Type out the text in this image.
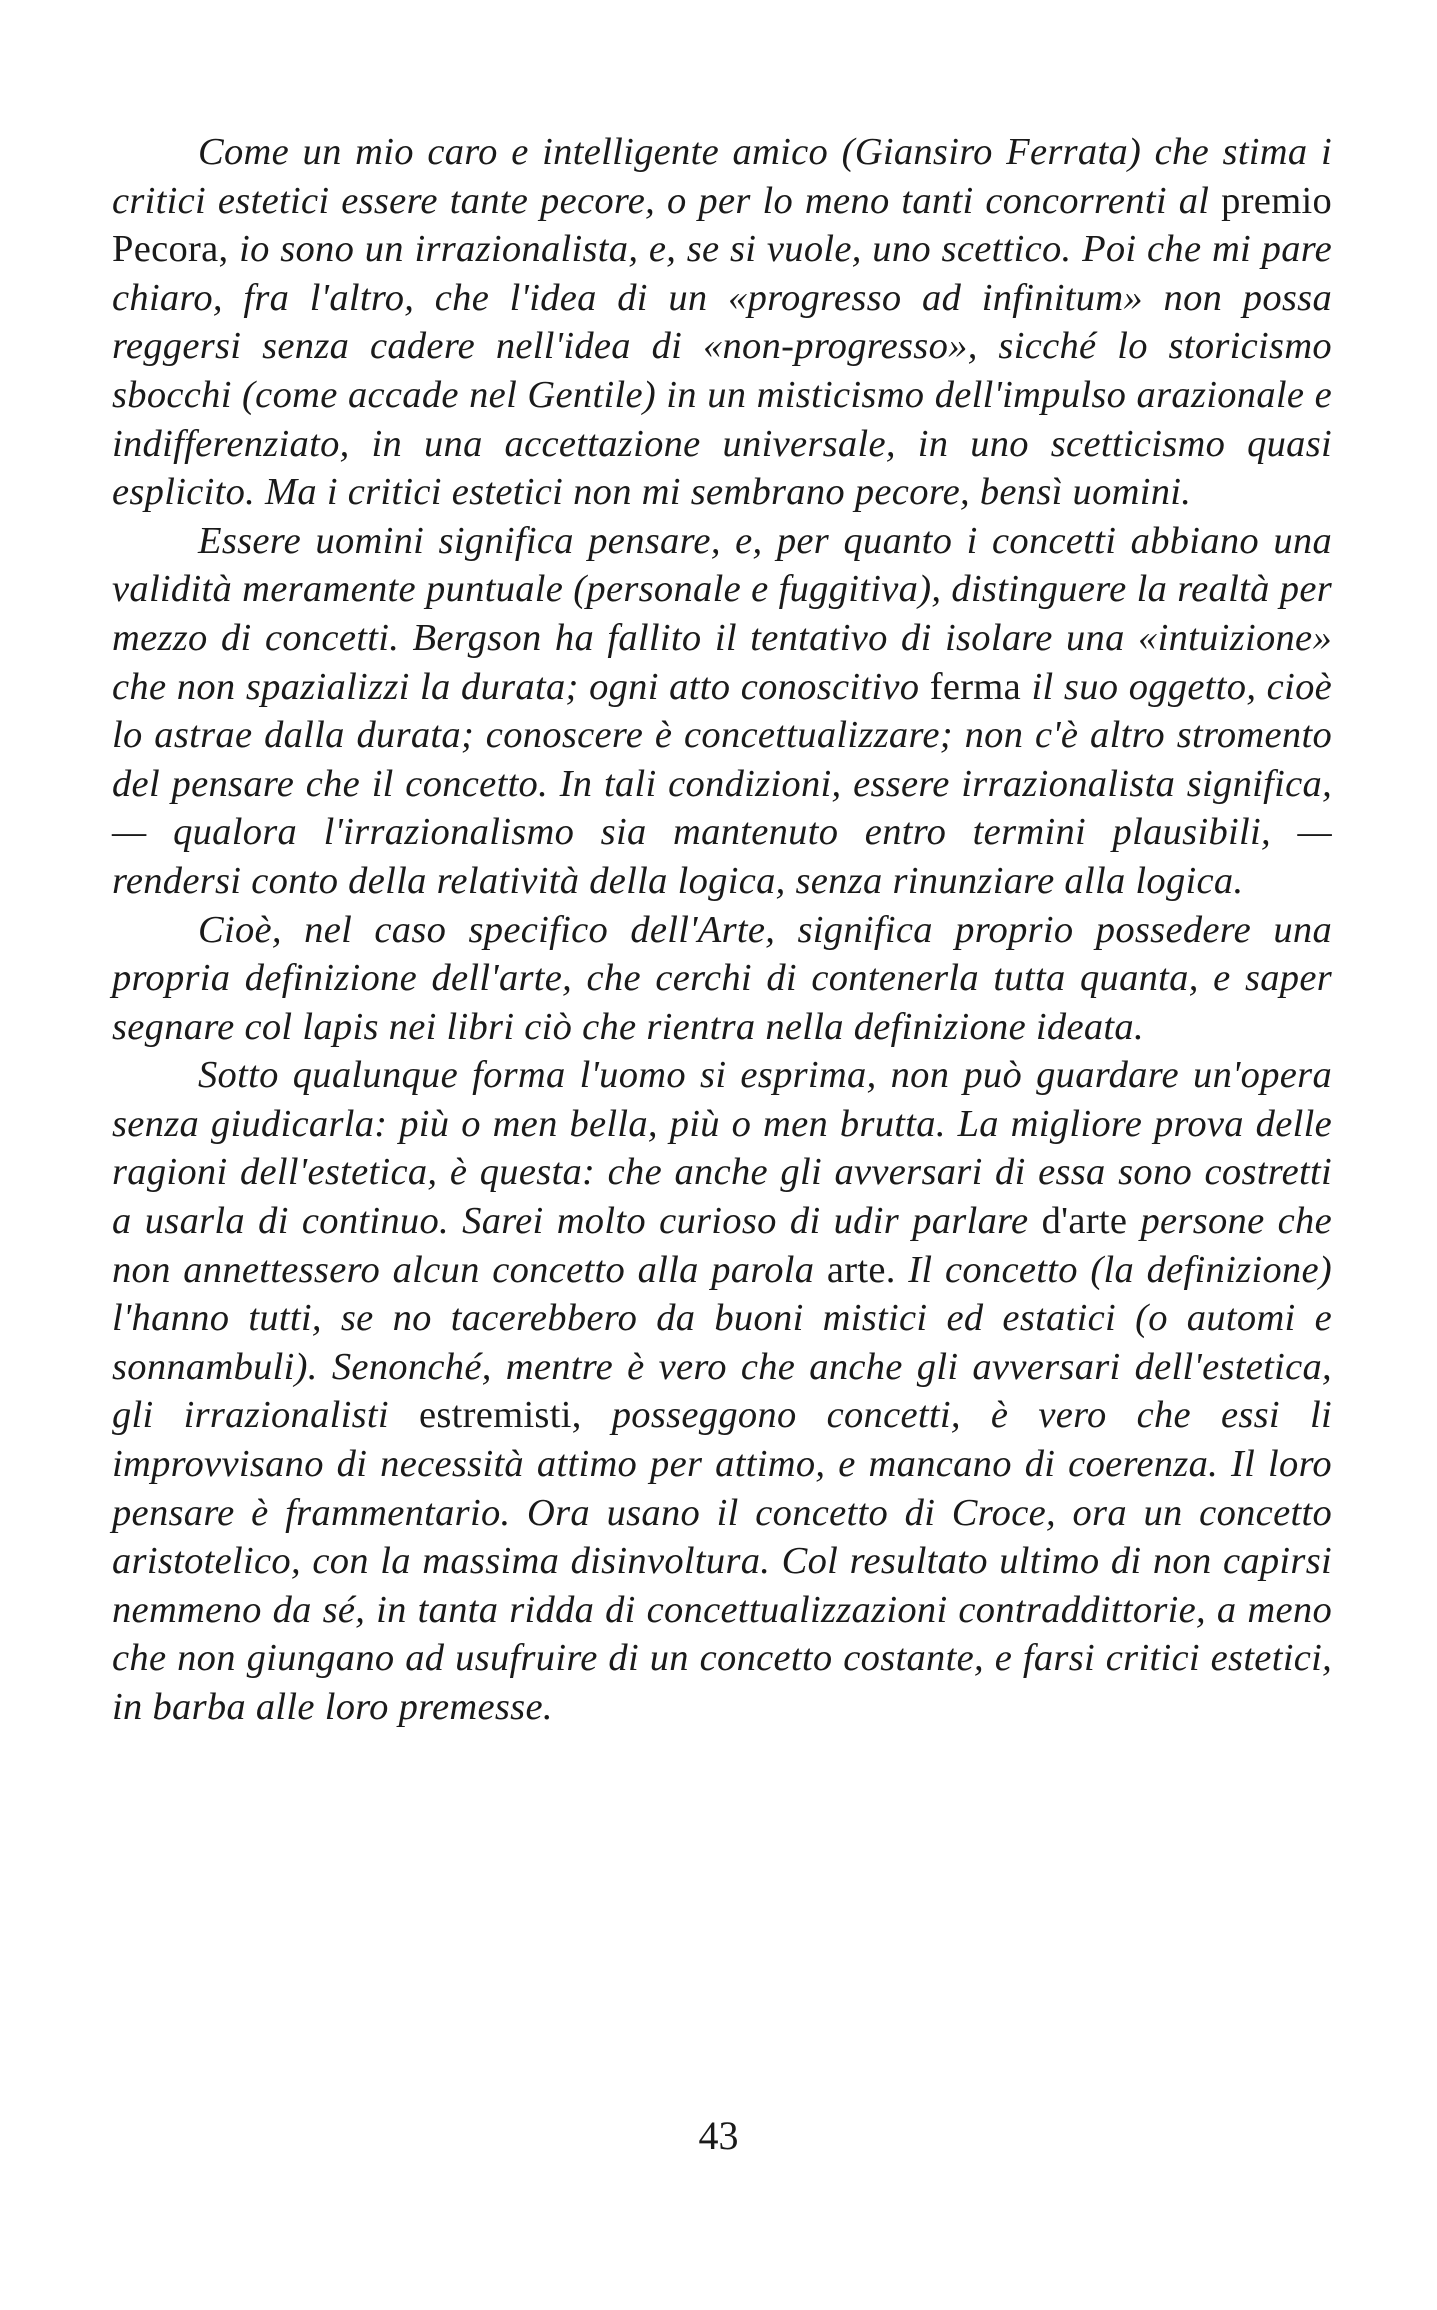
Come un mio caro e intelligente amico (Giansiro Ferrata) che stima i critici estetici essere tante pecore, o per lo meno tanti concorrenti al premio Pecora, io sono un irrazionalista, e, se si vuole, uno scettico. Poi che mi pare chiaro, fra l'altro, che l'idea di un «progresso ad infinitum» non possa reggersi senza cadere nell'idea di «non-progresso», sicché lo storicismo sbocchi (come accade nel Gentile) in un misticismo dell'impulso arazionale e indifferenziato, in una accettazione universale, in uno scetticismo quasi esplicito. Ma i critici estetici non mi sembrano pecore, bensì uomini.

Essere uomini significa pensare, e, per quanto i concetti abbiano una validità meramente puntuale (personale e fuggitiva), distinguere la realtà per mezzo di concetti. Bergson ha fallito il tentativo di isolare una «intuizione» che non spazializzi la durata; ogni atto conoscitivo ferma il suo oggetto, cioè lo astrae dalla durata; conoscere è concettualizzare; non c'è altro stromento del pensare che il concetto. In tali condizioni, essere irrazionalista significa, — qualora l'irrazionalismo sia mantenuto entro termini plausibili, — rendersi conto della relatività della logica, senza rinunziare alla logica.

Cioè, nel caso specifico dell'Arte, significa proprio possedere una propria definizione dell'arte, che cerchi di contenerla tutta quanta, e saper segnare col lapis nei libri ciò che rientra nella definizione ideata.

Sotto qualunque forma l'uomo si esprima, non può guardare un'opera senza giudicarla: più o men bella, più o men brutta. La migliore prova delle ragioni dell'estetica, è questa: che anche gli avversari di essa sono costretti a usarla di continuo. Sarei molto curioso di udir parlare d'arte persone che non annettessero alcun concetto alla parola arte. Il concetto (la definizione) l'hanno tutti, se no tacerebbero da buoni mistici ed estatici (o automi e sonnambuli). Senonché, mentre è vero che anche gli avversari dell'estetica, gli irrazionalisti estremisti, posseggono concetti, è vero che essi li improvvisano di necessità attimo per attimo, e mancano di coerenza. Il loro pensare è frammentario. Ora usano il concetto di Croce, ora un concetto aristotelico, con la massima disinvoltura. Col resultato ultimo di non capirsi nemmeno da sé, in tanta ridda di concettualizzazioni contraddittorie, a meno che non giungano ad usufruire di un concetto costante, e farsi critici estetici, in barba alle loro premesse.

43
